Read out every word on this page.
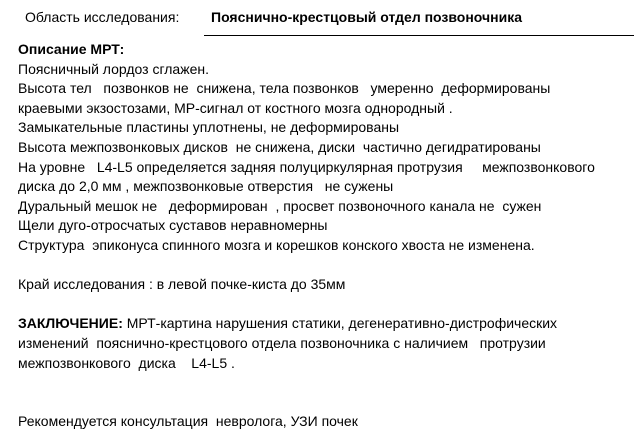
Область исследования: Пояснично-крестцовый отдел позвоночника
Описание МРТ:
Поясничный лордоз сглажен.
Высота тел   позвонков не  снижена, тела позвонков   умеренно  деформированы
краевыми экзостозами, МР-сигнал от костного мозга однородный .
Замыкательные пластины уплотнены, не деформированы
Высота межпозвонковых дисков  не снижена, диски  частично дегидратированы
На уровне   L4-L5 определяется задняя полуциркулярная протрузия     межпозвонкового
диска до 2,0 мм , межпозвонковые отверстия   не сужены
Дуральный мешок не   деформирован  , просвет позвоночного канала не  сужен
Щели дуго-отросчатых суставов неравномерны
Структура  эпиконуса спинного мозга и корешков конского хвоста не изменена.
Край исследования : в левой почке-киста до 35мм
ЗАКЛЮЧЕНИЕ: МРТ-картина нарушения статики, дегенеративно-дистрофических
изменений  пояснично-крестцового отдела позвоночника с наличием   протрузии
межпозвонкового  диска    L4-L5 .
Рекомендуется консультация  невролога, УЗИ почек
